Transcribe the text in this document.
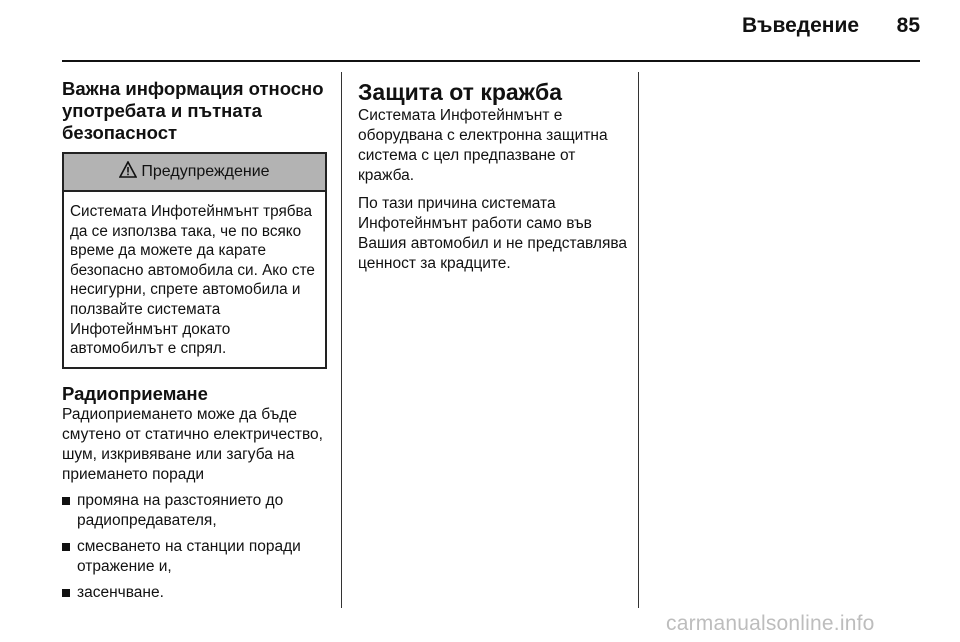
Въведение	85
Важна информация относно употребата и пътната безопасност
Предупреждение
Системата Инфотейнмънт трябва да се използва така, че по всяко време да можете да карате безопасно автомобила си. Ако сте несигурни, спрете автомобила и ползвайте системата Инфотейнмънт докато автомобилът е спрял.
Радиоприемане

Радиоприемането може да бъде смутено от статично електричество, шум, изкривяване или загуба на приемането поради

промяна на разстоянието до радиопредавателя,
смесването на станции поради отражение и,
засенчване.
Защита от кражба

Системата Инфотейнмънт е оборудвана с електронна защитна система с цел предпазване от кражба.

По тази причина системата Инфотейнмънт работи само във Вашия автомобил и не представлява ценност за крадците.

carmanualsonline.info
